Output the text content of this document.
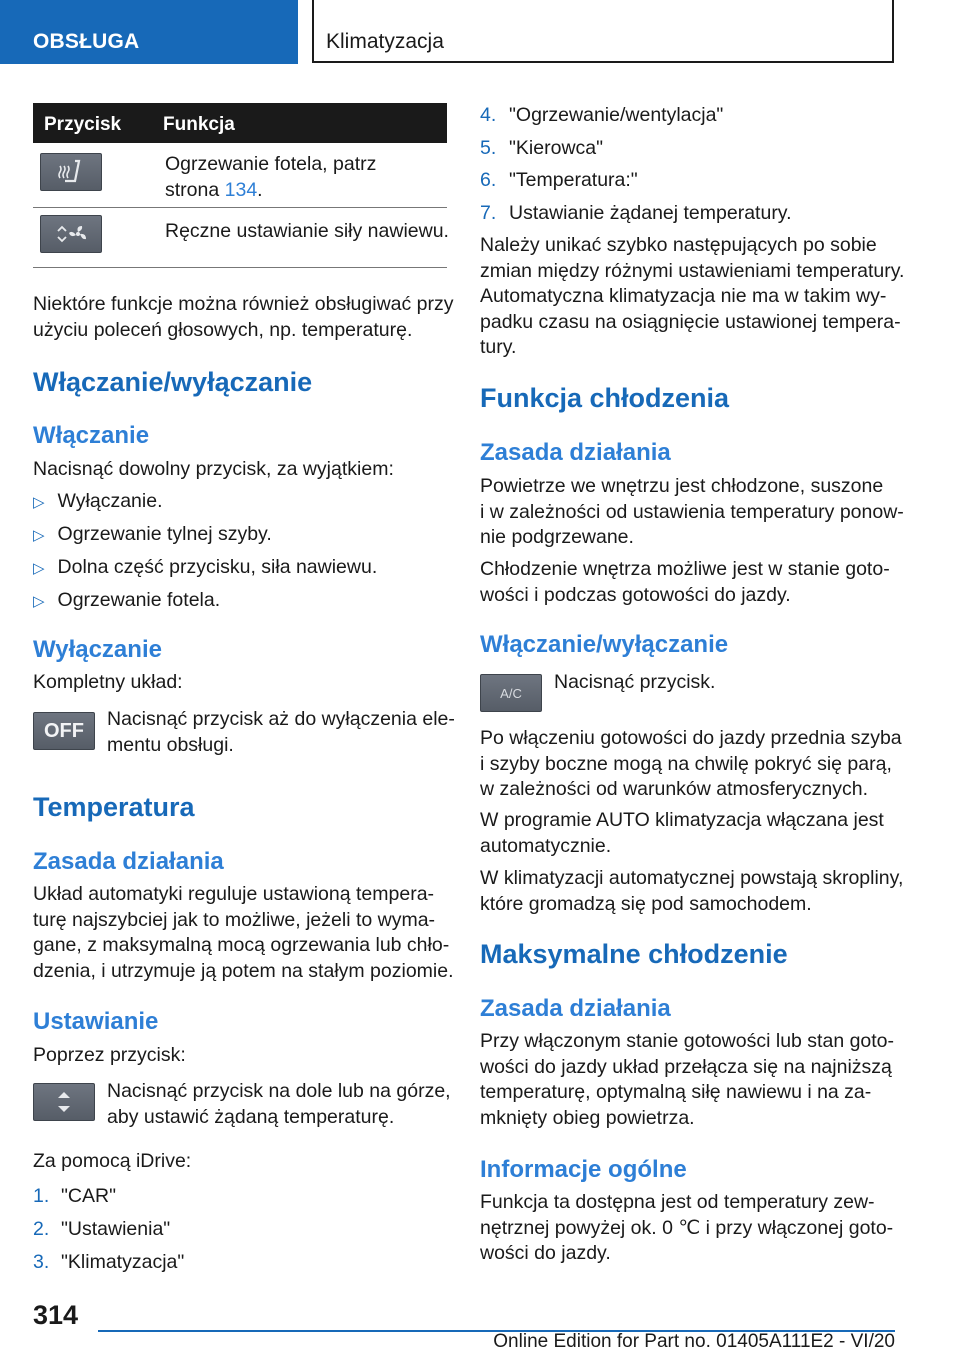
OBSŁUGA	Klimatyzacja
Przycisk Funkcja
Ogrzewanie fotela, patrz
strona 134.
Ręczne ustawianie siły nawiewu.
Niektóre funkcje można również obsługiwać przy
użyciu poleceń głosowych, np. temperaturę.
Włączanie/wyłączanie
Włączanie
Nacisnąć dowolny przycisk, za wyjątkiem:
▷ Wyłączanie.
▷ Ogrzewanie tylnej szyby.
▷ Dolna część przycisku, siła nawiewu.
▷ Ogrzewanie fotela.
Wyłączanie
Kompletny układ:
OFF
Nacisnąć przycisk aż do wyłączenia ele-
mentu obsługi.
Temperatura
Zasada działania
Układ automatyki reguluje ustawioną tempera-
turę najszybciej jak to możliwe, jeżeli to wyma-
gane, z maksymalną mocą ogrzewania lub chło-
dzenia, i utrzymuje ją potem na stałym poziomie.
Ustawianie
Poprzez przycisk:
Nacisnąć przycisk na dole lub na górze,
aby ustawić żądaną temperaturę.
Za pomocą iDrive:
1. "CAR"
2. "Ustawienia"
3. "Klimatyzacja"
4. "Ogrzewanie/wentylacja"
5. "Kierowca"
6. "Temperatura:"
7. Ustawianie żądanej temperatury.
Należy unikać szybko następujących po sobie
zmian między różnymi ustawieniami temperatury.
Automatyczna klimatyzacja nie ma w takim wy-
padku czasu na osiągnięcie ustawionej tempera-
tury.
Funkcja chłodzenia
Zasada działania
Powietrze we wnętrzu jest chłodzone, suszone
i w zależności od ustawienia temperatury ponow-
nie podgrzewane.
Chłodzenie wnętrza możliwe jest w stanie goto-
wości i podczas gotowości do jazdy.
Włączanie/wyłączanie
A/C	Nacisnąć przycisk.
Po włączeniu gotowości do jazdy przednia szyba
i szyby boczne mogą na chwilę pokryć się parą,
w zależności od warunków atmosferycznych.
W programie AUTO klimatyzacja włączana jest
automatycznie.
W klimatyzacji automatycznej powstają skropliny,
które gromadzą się pod samochodem.
Maksymalne chłodzenie
Zasada działania
Przy włączonym stanie gotowości lub stan goto-
wości do jazdy układ przełącza się na najniższą
temperaturę, optymalną siłę nawiewu i na za-
mknięty obieg powietrza.
Informacje ogólne
Funkcja ta dostępna jest od temperatury zew-
nętrznej powyżej ok. 0 ℃ i przy włączonej goto-
wości do jazdy.
314
Online Edition for Part no. 01405A111E2 - VI/20
